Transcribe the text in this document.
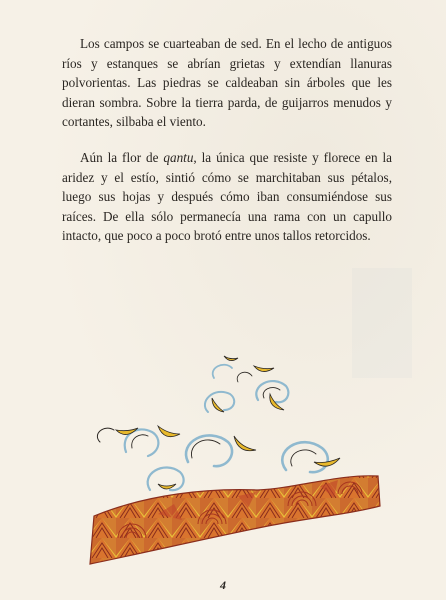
Los campos se cuarteaban de sed. En el lecho de antiguos ríos y estanques se abrían grietas y extendían llanuras polvorientas. Las piedras se caldeaban sin árboles que les dieran sombra. Sobre la tierra parda, de guijarros menudos y cortantes, silbaba el viento.

Aún la flor de qantu, la única que resiste y florece en la aridez y el estío, sintió cómo se marchitaban sus pétalos, luego sus hojas y después cómo iban consumiéndose sus raíces. De ella sólo permanecía una rama con un capullo intacto, que poco a poco brotó entre unos tallos retorcidos.

4
